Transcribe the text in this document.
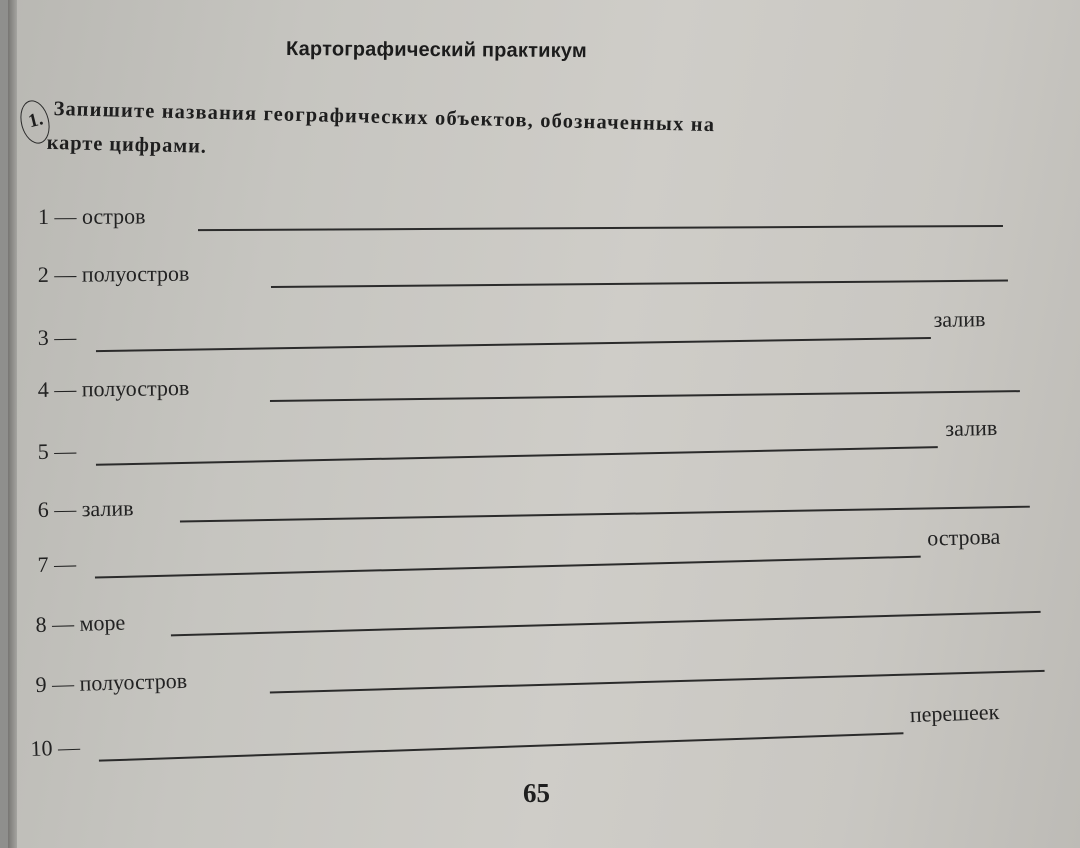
Картографический практикум
1. Запишите названия географических объектов, обозначенных на
карте цифрами.
1 — остров
2 — полуостров
3 —
залив
4 — полуостров
5 —
залив
6 — залив
7 —
острова
8 — море
9 — полуостров
10 —
перешеек
65
